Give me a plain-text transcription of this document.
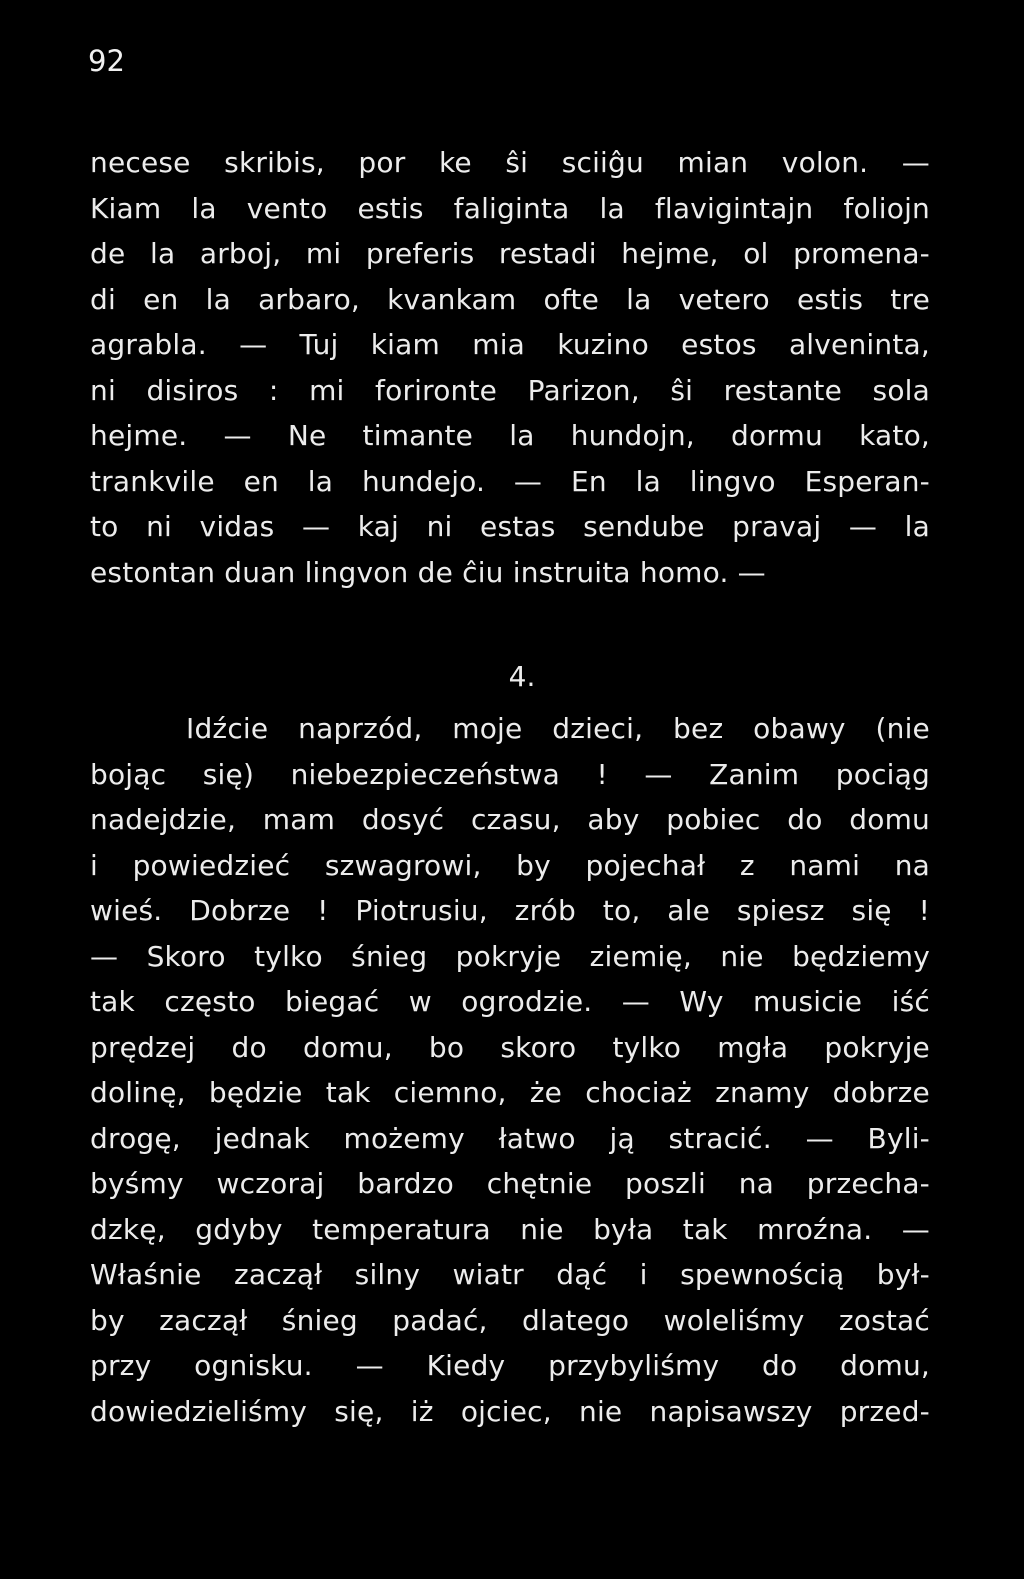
92
necese skribis, por ke ŝi sciiĝu mian volon. —
Kiam la vento estis faliginta la flavigintajn foliojn
de la arboj, mi preferis restadi hejme, ol promena-
di en la arbaro, kvankam ofte la vetero estis tre
agrabla. — Tuj kiam mia kuzino estos alveninta,
ni disiros : mi forironte Parizon, ŝi restante sola
hejme. — Ne timante la hundojn, dormu kato,
trankvile en la hundejo. — En la lingvo Esperan-
to ni vidas — kaj ni estas sendube pravaj — la
estontan duan lingvon de ĉiu instruita homo. —
4.
Idźcie naprzód, moje dzieci, bez obawy (nie
bojąc się) niebezpieczeństwa ! — Zanim pociąg
nadejdzie, mam dosyć czasu, aby pobiec do domu
i powiedzieć szwagrowi, by pojechał z nami na
wieś. Dobrze ! Piotrusiu, zrób to, ale spiesz się !
— Skoro tylko śnieg pokryje ziemię, nie będziemy
tak często biegać w ogrodzie. — Wy musicie iść
prędzej do domu, bo skoro tylko mgła pokryje
dolinę, będzie tak ciemno, że chociaż znamy dobrze
drogę, jednak możemy łatwo ją stracić. — Byli-
byśmy wczoraj bardzo chętnie poszli na przecha-
dzkę, gdyby temperatura nie była tak mroźna. —
Właśnie zaczął silny wiatr dąć i spewnością był-
by zaczął śnieg padać, dlatego woleliśmy zostać
przy ognisku. — Kiedy przybyliśmy do domu,
dowiedzieliśmy się, iż ojciec, nie napisawszy przed-
